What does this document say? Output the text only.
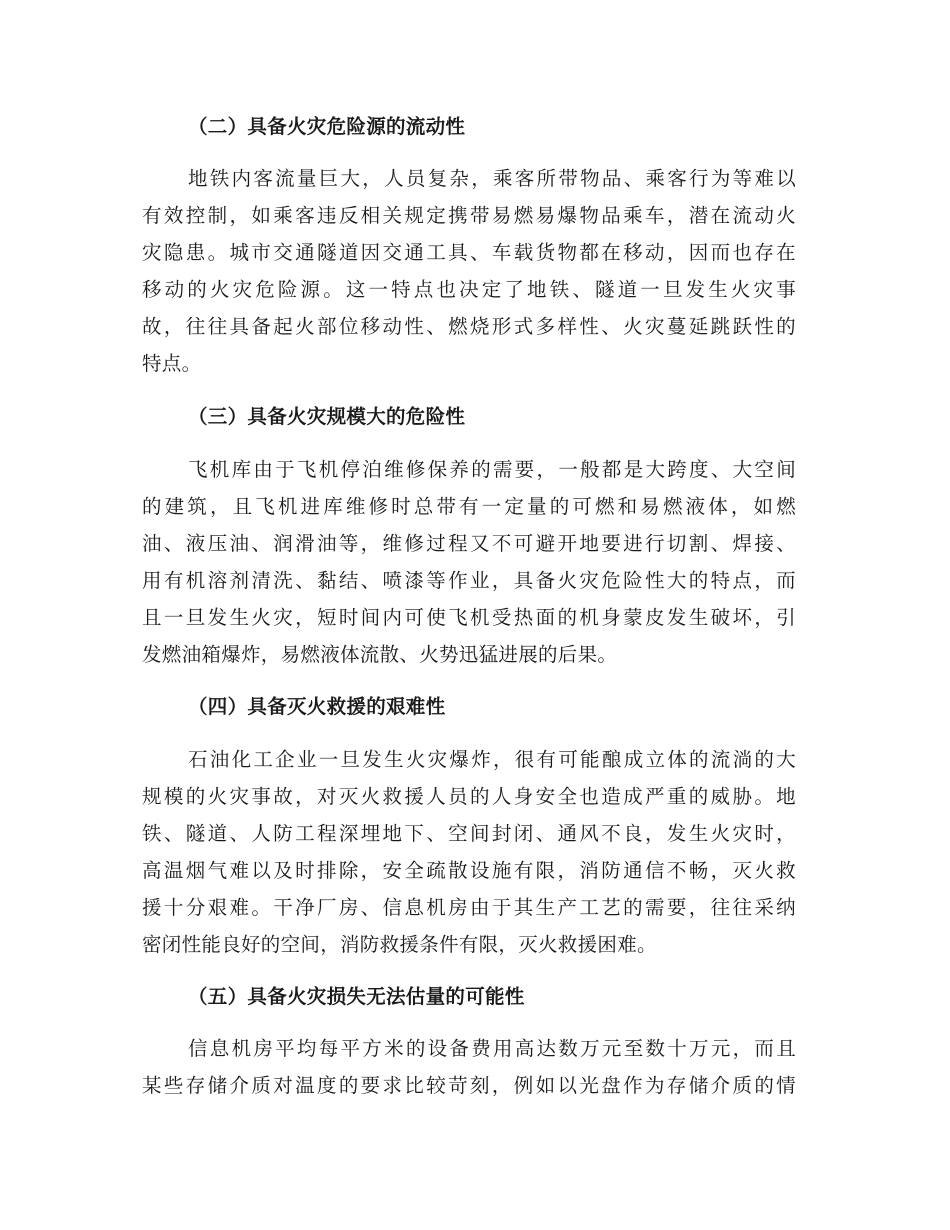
（二）具备火灾危险源的流动性
地铁内客流量巨大，人员复杂，乘客所带物品、乘客行为等难以
有效控制，如乘客违反相关规定携带易燃易爆物品乘车，潜在流动火
灾隐患。城市交通隧道因交通工具、车载货物都在移动，因而也存在
移动的火灾危险源。这一特点也决定了地铁、隧道一旦发生火灾事
故，往往具备起火部位移动性、燃烧形式多样性、火灾蔓延跳跃性的
特点。
（三）具备火灾规模大的危险性
飞机库由于飞机停泊维修保养的需要，一般都是大跨度、大空间
的建筑，且飞机进库维修时总带有一定量的可燃和易燃液体，如燃
油、液压油、润滑油等，维修过程又不可避开地要进行切割、焊接、
用有机溶剂清洗、黏结、喷漆等作业，具备火灾危险性大的特点，而
且一旦发生火灾，短时间内可使飞机受热面的机身蒙皮发生破坏，引
发燃油箱爆炸，易燃液体流散、火势迅猛进展的后果。
（四）具备灭火救援的艰难性
石油化工企业一旦发生火灾爆炸，很有可能酿成立体的流淌的大
规模的火灾事故，对灭火救援人员的人身安全也造成严重的威胁。地
铁、隧道、人防工程深埋地下、空间封闭、通风不良，发生火灾时，
高温烟气难以及时排除，安全疏散设施有限，消防通信不畅，灭火救
援十分艰难。干净厂房、信息机房由于其生产工艺的需要，往往采纳
密闭性能良好的空间，消防救援条件有限，灭火救援困难。
（五）具备火灾损失无法估量的可能性
信息机房平均每平方米的设备费用高达数万元至数十万元，而且
某些存储介质对温度的要求比较苛刻，例如以光盘作为存储介质的情
